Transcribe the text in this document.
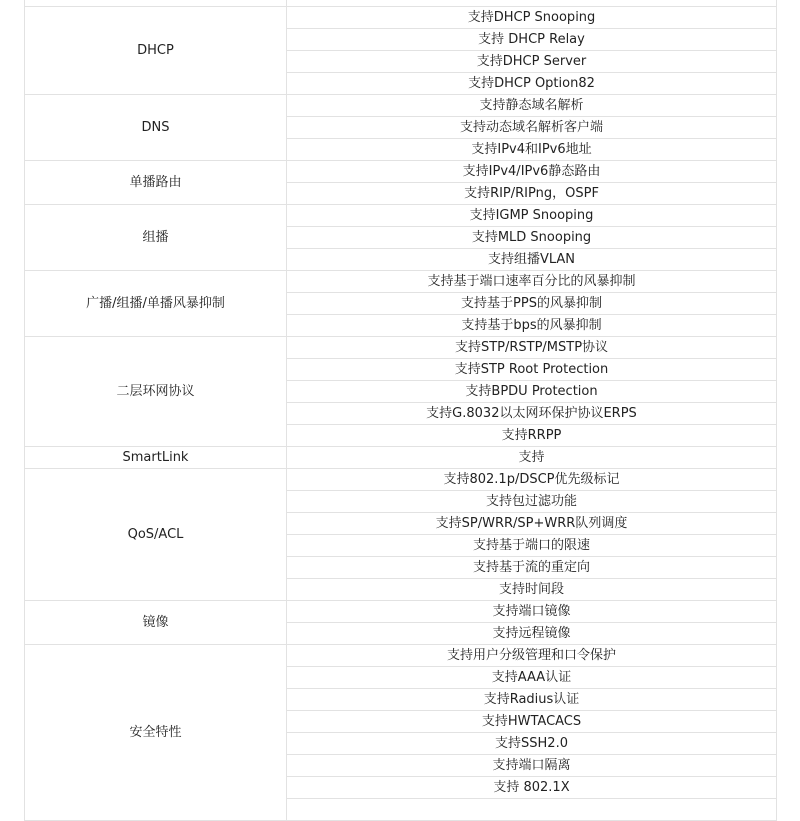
DHCP	支持DHCP Snooping
	支持 DHCP Relay
	支持DHCP Server
	支持DHCP Option82
DNS	支持静态域名解析
	支持动态域名解析客户端
	支持IPv4和IPv6地址
单播路由	支持IPv4/IPv6静态路由
	支持RIP/RIPng，OSPF
组播	支持IGMP Snooping
	支持MLD Snooping
	支持组播VLAN
广播/组播/单播风暴抑制	支持基于端口速率百分比的风暴抑制
	支持基于PPS的风暴抑制
	支持基于bps的风暴抑制
二层环网协议	支持STP/RSTP/MSTP协议
	支持STP Root Protection
	支持BPDU Protection
	支持G.8032以太网环保护协议ERPS
	支持RRPP
SmartLink	支持
QoS/ACL	支持802.1p/DSCP优先级标记
	支持包过滤功能
	支持SP/WRR/SP+WRR队列调度
	支持基于端口的限速
	支持基于流的重定向
	支持时间段
镜像	支持端口镜像
	支持远程镜像
安全特性	支持用户分级管理和口令保护
	支持AAA认证
	支持Radius认证
	支持HWTACACS
	支持SSH2.0
	支持端口隔离
	支持 802.1X
